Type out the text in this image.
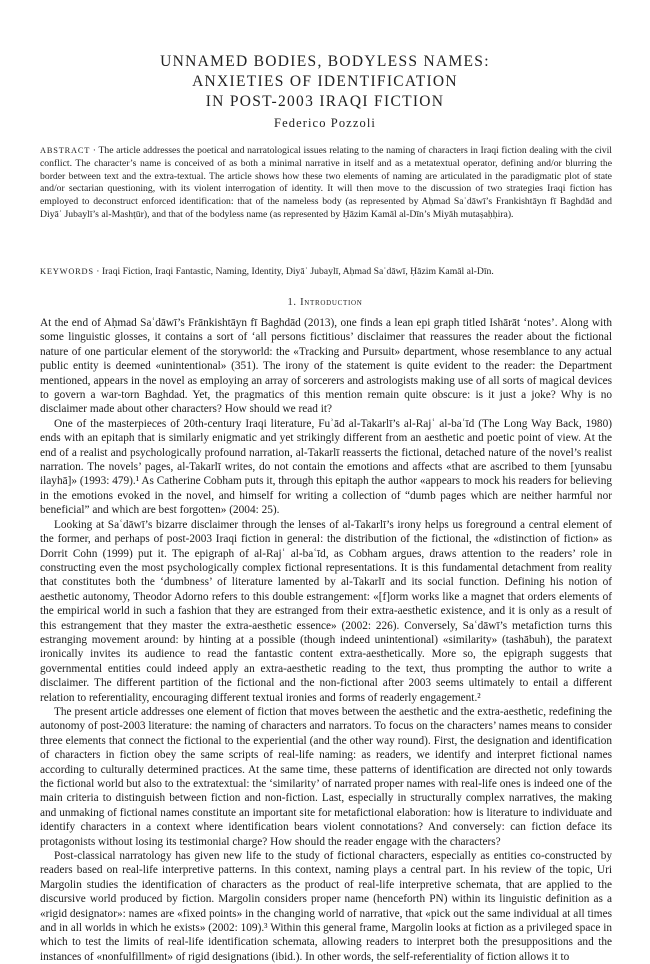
UNNAMED BODIES, BODYLESS NAMES:
ANXIETIES OF IDENTIFICATION
IN POST-2003 IRAQI FICTION
Federico Pozzoli
ABSTRACT · The article addresses the poetical and narratological issues relating to the naming of characters in Iraqi fiction dealing with the civil conflict. The character’s name is conceived of as both a minimal narrative in itself and as a metatextual operator, defining and/or blurring the border between text and the extra-textual. The article shows how these two elements of naming are articulated in the paradigmatic plot of state and/or sectarian questioning, with its violent interrogation of identity. It will then move to the discussion of two strategies Iraqi fiction has employed to deconstruct enforced identification: that of the nameless body (as represented by Aḥmad Saʿdāwī’s Frankishtāyn fī Baghdād and Diyāʾ Jubaylī’s al-Mashṭūr), and that of the bodyless name (as represented by Ḥāzim Kamāl al-Dīn’s Miyāh mutaṣaḥḥira).
KEYWORDS · Iraqi Fiction, Iraqi Fantastic, Naming, Identity, Diyāʾ Jubaylī, Aḥmad Saʿdāwī, Ḥāzim Kamāl al-Dīn.
1. Introduction

At the end of Aḥmad Saʿdāwī’s Frānkishtāyn fī Baghdād (2013), one finds a lean epi graph titled Ishārāt ‘notes’. Along with some linguistic glosses, it contains a sort of ‘all persons fictitious’ disclaimer that reassures the reader about the fictional nature of one particular element of the storyworld: the «Tracking and Pursuit» department, whose resemblance to any actual public entity is deemed «unintentional» (351). The irony of the statement is quite evident to the reader: the Department mentioned, appears in the novel as employing an array of sorcerers and astrologists making use of all sorts of magical devices to govern a war-torn Baghdad. Yet, the pragmatics of this mention remain quite obscure: is it just a joke? Why is no disclaimer made about other characters? How should we read it?

One of the masterpieces of 20th-century Iraqi literature, Fuʾād al-Takarlī’s al-Rajʿ al-baʿīd (The Long Way Back, 1980) ends with an epitaph that is similarly enigmatic and yet strikingly different from an aesthetic and poetic point of view. At the end of a realist and psychologically profound narration, al-Takarlī reasserts the fictional, detached nature of the novel’s realist narration. The novels’ pages, al-Takarlī writes, do not contain the emotions and affects «that are ascribed to them [yunsabu ilayhā]» (1993: 479).¹ As Catherine Cobham puts it, through this epitaph the author «appears to mock his readers for believing in the emotions evoked in the novel, and himself for writing a collection of “dumb pages which are neither harmful nor beneficial” and which are best forgotten» (2004: 25).

Looking at Saʿdāwī’s bizarre disclaimer through the lenses of al-Takarlī’s irony helps us foreground a central element of the former, and perhaps of post-2003 Iraqi fiction in general: the distribution of the fictional, the «distinction of fiction» as Dorrit Cohn (1999) put it. The epigraph of al-Rajʿ al-baʿīd, as Cobham argues, draws attention to the readers’ role in constructing even the most psychologically complex fictional representations. It is this fundamental detachment from reality that constitutes both the ‘dumbness’ of literature lamented by al-Takarlī and its social function. Defining his notion of aesthetic autonomy, Theodor Adorno refers to this double estrangement: «[f]orm works like a magnet that orders elements of the empirical world in such a fashion that they are estranged from their extra-aesthetic existence, and it is only as a result of this estrangement that they master the extra-aesthetic essence» (2002: 226). Conversely, Saʿdāwī’s metafiction turns this estranging movement around: by hinting at a possible (though indeed unintentional) «similarity» (tashābuh), the paratext ironically invites its audience to read the fantastic content extra-aesthetically. More so, the epigraph suggests that governmental entities could indeed apply an extra-aesthetic reading to the text, thus prompting the author to write a disclaimer. The different partition of the fictional and the non-fictional after 2003 seems ultimately to entail a different relation to referentiality, encouraging different textual ironies and forms of readerly engagement.²

The present article addresses one element of fiction that moves between the aesthetic and the extra-aesthetic, redefining the autonomy of post-2003 literature: the naming of characters and narrators. To focus on the characters’ names means to consider three elements that connect the fictional to the experiential (and the other way round). First, the designation and identification of characters in fiction obey the same scripts of real-life naming: as readers, we identify and interpret fictional names according to culturally determined practices. At the same time, these patterns of identification are directed not only towards the fictional world but also to the extratextual: the ‘similarity’ of narrated proper names with real-life ones is indeed one of the main criteria to distinguish between fiction and non-fiction. Last, especially in structurally complex narratives, the making and unmaking of fictional names constitute an important site for metafictional elaboration: how is literature to individuate and identify characters in a context where identification bears violent connotations? And conversely: can fiction deface its protagonists without losing its testimonial charge? How should the reader engage with the characters?

Post-classical narratology has given new life to the study of fictional characters, especially as entities co-constructed by readers based on real-life interpretive patterns. In this context, naming plays a central part. In his review of the topic, Uri Margolin studies the identification of characters as the product of real-life interpretive schemata, that are applied to the discursive world produced by fiction. Margolin considers proper name (henceforth PN) within its linguistic definition as a «rigid designator»: names are «fixed points» in the changing world of narrative, that «pick out the same individual at all times and in all worlds in which he exists» (2002: 109).³ Within this general frame, Margolin looks at fiction as a privileged space in which to test the limits of real-life identification schemata, allowing readers to interpret both the presuppositions and the instances of «nonfulfillment» of rigid designations (ibid.). In other words, the self-referentiality of fiction allows it to
